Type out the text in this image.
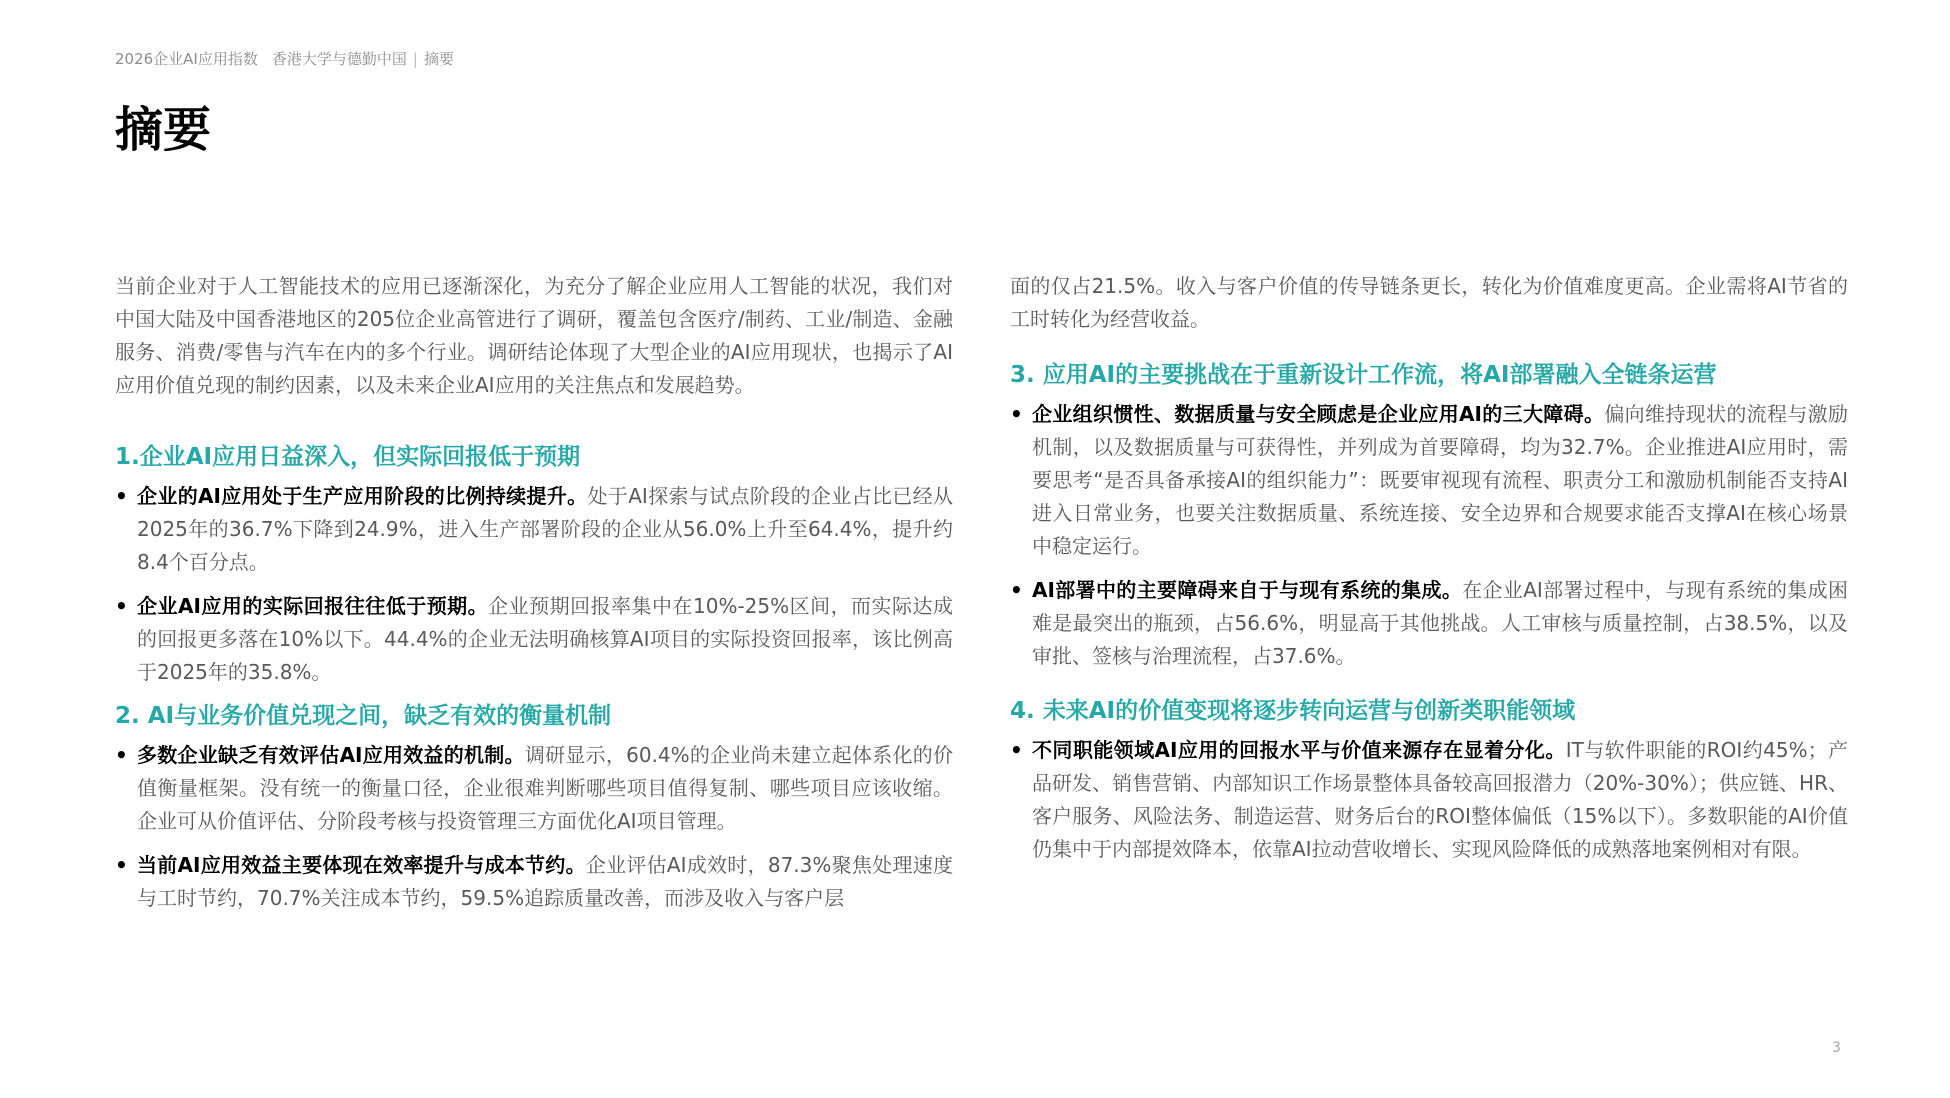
2026企业AI应用指数 香港大学与德勤中国 | 摘要
摘要

当前企业对于人工智能技术的应用已逐渐深化，为充分了解企业应用人工智能的状况，我们对中国大陆及中国香港地区的205位企业高管进行了调研，覆盖包含医疗/制药、工业/制造、金融服务、消费/零售与汽车在内的多个行业。调研结论体现了大型企业的AI应用现状，也揭示了AI应用价值兑现的制约因素，以及未来企业AI应用的关注焦点和发展趋势。

1.企业AI应用日益深入，但实际回报低于预期
• 企业的AI应用处于生产应用阶段的比例持续提升。处于AI探索与试点阶段的企业占比已经从2025年的36.7%下降到24.9%，进入生产部署阶段的企业从56.0%上升至64.4%，提升约8.4个百分点。
• 企业AI应用的实际回报往往低于预期。企业预期回报率集中在10%-25%区间，而实际达成的回报更多落在10%以下。44.4%的企业无法明确核算AI项目的实际投资回报率，该比例高于2025年的35.8%。
2. AI与业务价值兑现之间，缺乏有效的衡量机制
• 多数企业缺乏有效评估AI应用效益的机制。调研显示，60.4%的企业尚未建立起体系化的价值衡量框架。没有统一的衡量口径，企业很难判断哪些项目值得复制、哪些项目应该收缩。企业可从价值评估、分阶段考核与投资管理三方面优化AI项目管理。
• 当前AI应用效益主要体现在效率提升与成本节约。企业评估AI成效时，87.3%聚焦处理速度与工时节约，70.7%关注成本节约，59.5%追踪质量改善，而涉及收入与客户层

面的仅占21.5%。收入与客户价值的传导链条更长，转化为价值难度更高。企业需将AI节省的工时转化为经营收益。

3. 应用AI的主要挑战在于重新设计工作流，将AI部署融入全链条运营
• 企业组织惯性、数据质量与安全顾虑是企业应用AI的三大障碍。偏向维持现状的流程与激励机制，以及数据质量与可获得性，并列成为首要障碍，均为32.7%。企业推进AI应用时，需要思考“是否具备承接AI的组织能力”：既要审视现有流程、职责分工和激励机制能否支持AI进入日常业务，也要关注数据质量、系统连接、安全边界和合规要求能否支撑AI在核心场景中稳定运行。
• AI部署中的主要障碍来自于与现有系统的集成。在企业AI部署过程中，与现有系统的集成困难是最突出的瓶颈，占56.6%，明显高于其他挑战。人工审核与质量控制，占38.5%，以及审批、签核与治理流程，占37.6%。
4. 未来AI的价值变现将逐步转向运营与创新类职能领域
• 不同职能领域AI应用的回报水平与价值来源存在显着分化。IT与软件职能的ROI约45%；产品研发、销售营销、内部知识工作场景整体具备较高回报潜力（20%-30%）；供应链、HR、客户服务、风险法务、制造运营、财务后台的ROI整体偏低（15%以下）。多数职能的AI价值仍集中于内部提效降本，依靠AI拉动营收增长、实现风险降低的成熟落地案例相对有限。
3
